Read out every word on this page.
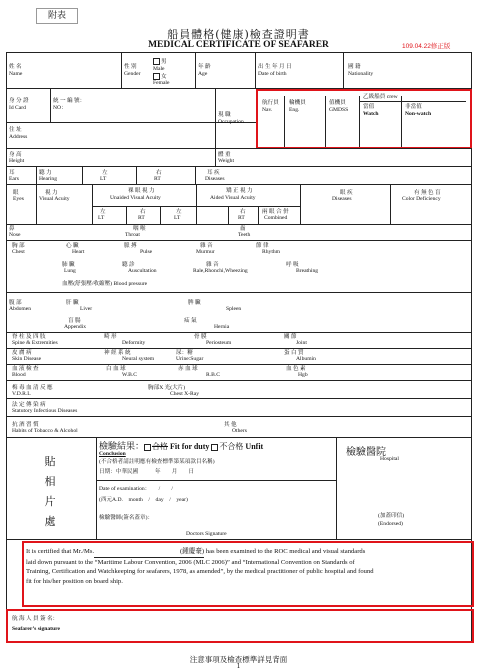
附表
船員體格(健康)檢查證明書
MEDICAL CERTIFICATE OF SEAFARER	109.04.22修正版
姓 名
Name
性 別
Gender
男
Male
女
Female
年 齡
Age
出 生 年 月 日
Date of birth
國 籍
Nationality
身 分 證
Id Card
統 一 編 號：
NO：
現 職
Occupation
乙級船員 crew
航行員
Nav.
輪機員
Eng.
值機員
GMDSS	當值
Watch
非當值
Non-watch
住 址
Address
身 高
Height
體 重
Weight
耳
Ears
聽 力
Hearing
左
LT
右
RT
耳 疾
Diseases
眼
Eyes
視 力
Visual Acuity
裸 眼 視 力
Unaided Visual Acuity
矯 正 視 力
Aided Visual Acuity
眼 疾
Diseases
有 無 色 盲
Color Deficiency
左
LT
右
RT
左
LT
右
RT
兩 眼 合 併
Combined
鼻
Nose
咽 喉
Throat
齒
Teeth
胸 部
Chest
心 臟
Heart
脈 搏
Pulse
雜 音
Murmur
節 律
Rhythm
肺 臟
Lung
聽 診
Auscultation
雜 音
Rale,Rhonchi,Wheezing
呼 吸
Breathing
血壓(舒張壓/收縮壓) Blood pressure
腹 部
Abdomen
肝 臟
Liver
脾 臟
Spleen
盲 腸
Appendix
疝 氣
Hernia
脊 柱 及 四 肢
Spine & Extremities
畸 形
Deformity
骨 膜
Periosteum
關 節
Joint
皮 膚 病
Skin Disease
神 經 系 統
Neural system
尿：糖
Urine:Sugar
蛋 白 質
Albumin
血 液 檢 查
Blood
白 血 球
W.B.C
赤 血 球
R.B.C
血 色 素
Hgb
梅 毒 血 清 反 應
V.D.R.L
胸部X 光(大片)
Chest X-Ray
法 定 傳 染 病
Statutory Infectious Diseases
抗 酒 習 慣
Habits of Tobacco & Alcohol
其 他
Others
貼
相
片
處
檢驗結果： 合格 Fit for duty 不合格 Unfit
Conclusion
(不合格者請註明應有檢查標準第某項款目名稱)
日期：中華民國　　　年　　月　　日
Date of examination：　　/　　/
(西元A.D.　month　/　day　/　year)
檢驗醫師(簽名蓋章)：
Doctors Signature
檢驗醫院
Hospital
(加蓋印信)
(Endorsed)
It is certified that Mr./Ms.	(鍾慶豪) has been examined to the ROC medical and visual standards
laid down pursuant to the “Maritime Labour Convention, 2006 (MLC 2006)” and “International Convention on Standards of
Training, Certification and Watchkeeping for seafarers, 1978, as amended”, by the medical practitioner of public hospital and found
fit for his/her position on board ship.
航 海 人 員 簽 名：
Seafarer’s signature
注意事項及檢查標準詳見背面
1
